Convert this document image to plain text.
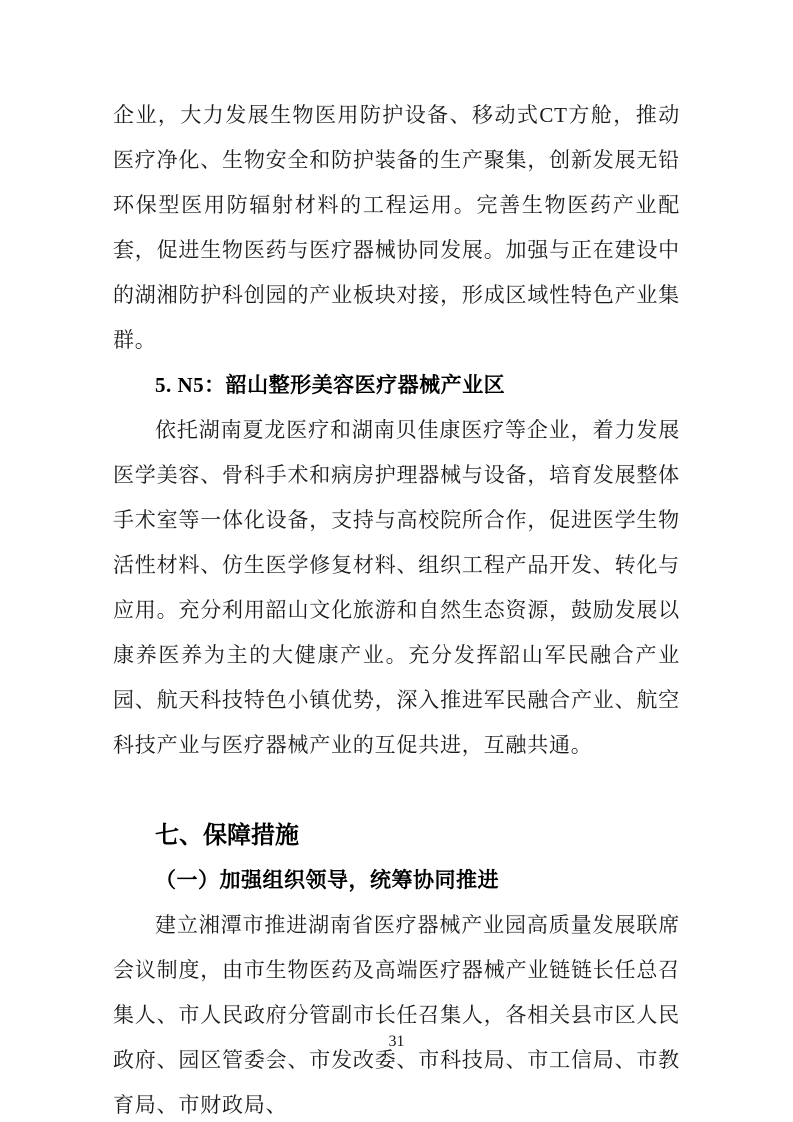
企业，大力发展生物医用防护设备、移动式CT方舱，推动医疗净化、生物安全和防护装备的生产聚集，创新发展无铅环保型医用防辐射材料的工程运用。完善生物医药产业配套，促进生物医药与医疗器械协同发展。加强与正在建设中的湖湘防护科创园的产业板块对接，形成区域性特色产业集群。

5. N5：韶山整形美容医疗器械产业区

依托湖南夏龙医疗和湖南贝佳康医疗等企业，着力发展医学美容、骨科手术和病房护理器械与设备，培育发展整体手术室等一体化设备，支持与高校院所合作，促进医学生物活性材料、仿生医学修复材料、组织工程产品开发、转化与应用。充分利用韶山文化旅游和自然生态资源，鼓励发展以康养医养为主的大健康产业。充分发挥韶山军民融合产业园、航天科技特色小镇优势，深入推进军民融合产业、航空科技产业与医疗器械产业的互促共进，互融共通。

七、保障措施
（一）加强组织领导，统筹协同推进

建立湘潭市推进湖南省医疗器械产业园高质量发展联席会议制度，由市生物医药及高端医疗器械产业链链长任总召集人、市人民政府分管副市长任召集人，各相关县市区人民政府、园区管委会、市发改委、市科技局、市工信局、市教育局、市财政局、

31
